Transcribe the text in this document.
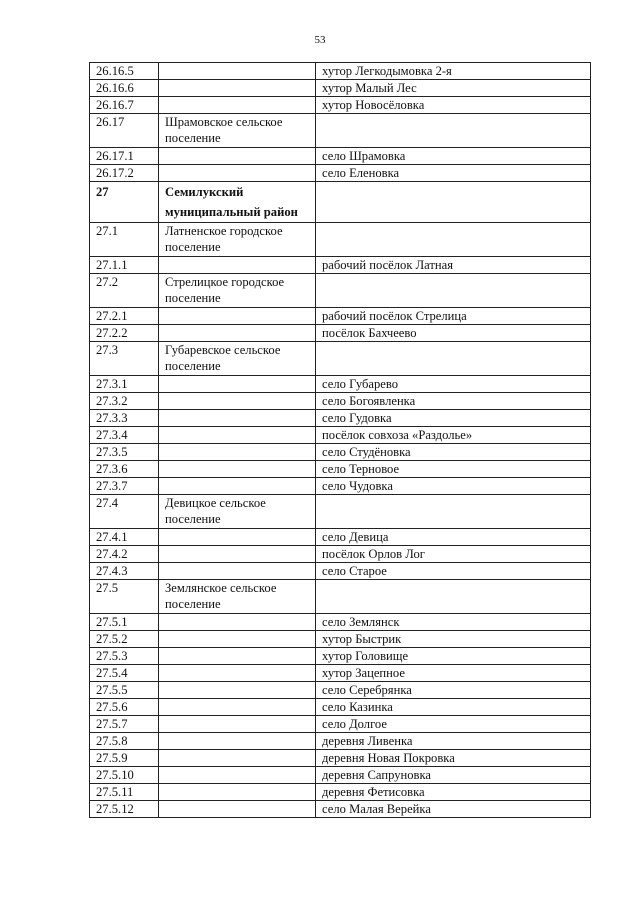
53
26.16.5		хутор Легкодымовка 2-я
26.16.6		хутор Малый Лес
26.16.7		хутор Новосёловка
26.17	Шрамовское сельское поселение	
26.17.1		село Шрамовка
26.17.2		село Еленовка
27	Семилукский муниципальный район	
27.1	Латненское городское поселение	
27.1.1		рабочий посёлок Латная
27.2	Стрелицкое городское поселение	
27.2.1		рабочий посёлок Стрелица
27.2.2		посёлок Бахчеево
27.3	Губаревское сельское поселение	
27.3.1		село Губарево
27.3.2		село Богоявленка
27.3.3		село Гудовка
27.3.4		посёлок совхоза «Раздолье»
27.3.5		село Студёновка
27.3.6		село Терновое
27.3.7		село Чудовка
27.4	Девицкое сельское поселение	
27.4.1		село Девица
27.4.2		посёлок Орлов Лог
27.4.3		село Старое
27.5	Землянское сельское поселение	
27.5.1		село Землянск
27.5.2		хутор Быстрик
27.5.3		хутор Головище
27.5.4		хутор Зацепное
27.5.5		село Серебрянка
27.5.6		село Казинка
27.5.7		село Долгое
27.5.8		деревня Ливенка
27.5.9		деревня Новая Покровка
27.5.10		деревня Сапруновка
27.5.11		деревня Фетисовка
27.5.12		село Малая Верейка
